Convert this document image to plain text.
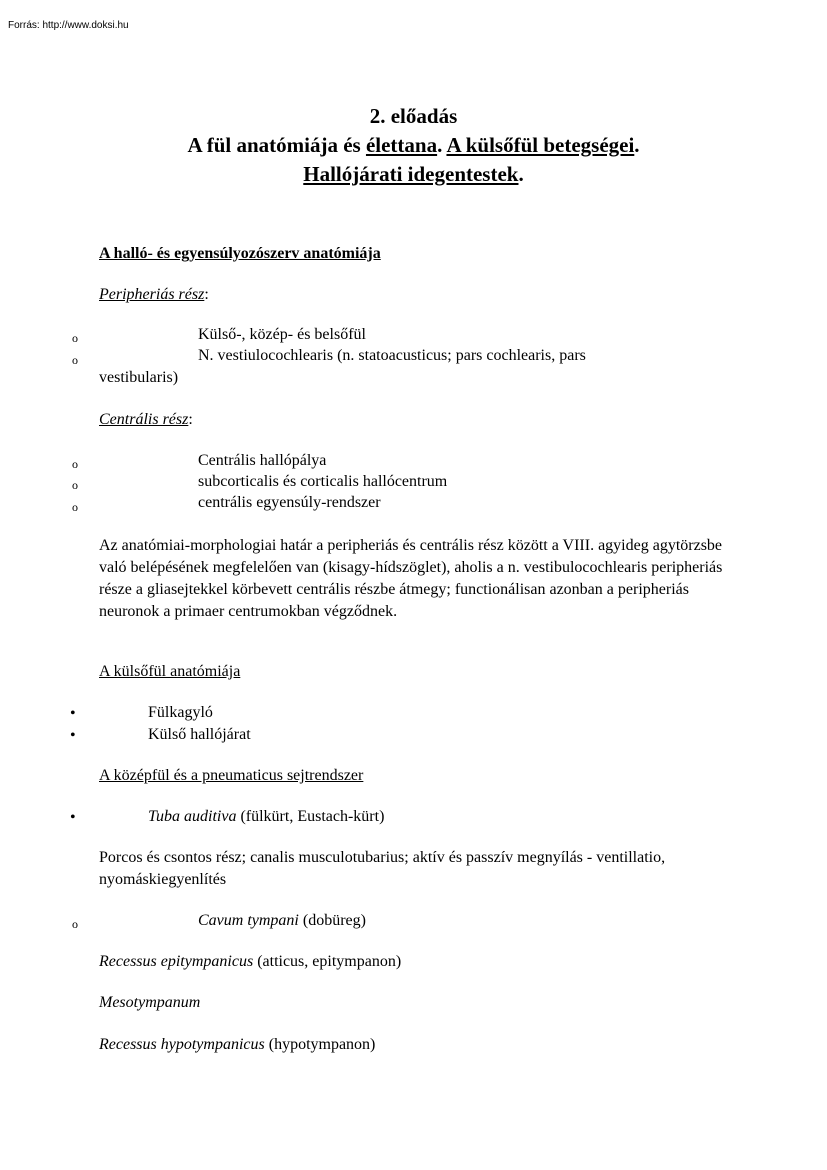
Forrás: http://www.doksi.hu
2. előadás
A fül anatómiája és élettana. A külsőfül betegségei.
Hallójárati idegentestek.
A halló- és egyensúlyozószerv anatómiája
Peripheriás rész:
o	Külső-, közép- és belsőfül
o	N. vestiulocochlearis (n. statoacusticus; pars cochlearis, pars
vestibularis)
Centrális rész:
o	Centrális hallópálya
o	subcorticalis és corticalis hallócentrum
o	centrális egyensúly-rendszer
Az anatómiai-morphologiai határ a peripheriás és centrális rész között a VIII. agyideg agytörzsbe való belépésének megfelelően van (kisagy-hídszöglet), aholis a n. vestibulocochlearis peripheriás része a gliasejtekkel körbevett centrális részbe átmegy; functionálisan azonban a peripheriás neuronok a primaer centrumokban végződnek.
A külsőfül anatómiája
•	Fülkagyló
•	Külső hallójárat
A középfül és a pneumaticus sejtrendszer
•	Tuba auditiva (fülkürt, Eustach-kürt)
Porcos és csontos rész; canalis musculotubarius; aktív és passzív megnyílás - ventillatio, nyomáskiegyenlítés
o	Cavum tympani (dobüreg)
Recessus epitympanicus (atticus, epitympanon)
Mesotympanum
Recessus hypotympanicus (hypotympanon)
